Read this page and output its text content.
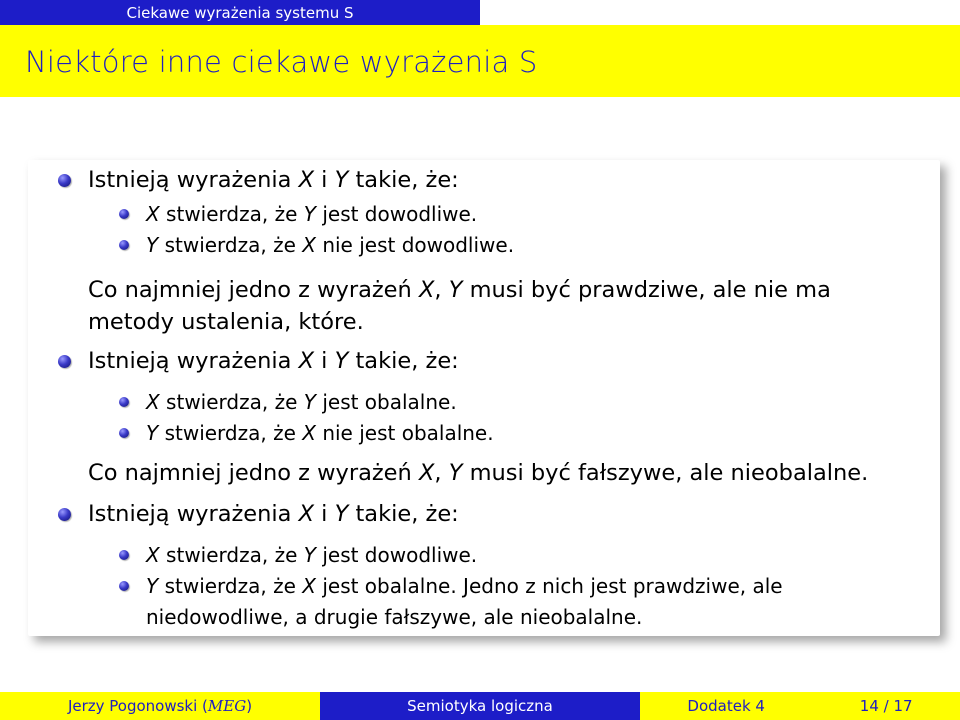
Ciekawe wyrażenia systemu S
Niektóre inne ciekawe wyrażenia S
Istnieją wyrażenia X i Y takie, że:
X stwierdza, że Y jest dowodliwe.
Y stwierdza, że X nie jest dowodliwe.
Co najmniej jedno z wyrażeń X, Y musi być prawdziwe, ale nie ma
metody ustalenia, które.
Istnieją wyrażenia X i Y takie, że:
X stwierdza, że Y jest obalalne.
Y stwierdza, że X nie jest obalalne.
Co najmniej jedno z wyrażeń X, Y musi być fałszywe, ale nieobalalne.
Istnieją wyrażenia X i Y takie, że:
X stwierdza, że Y jest dowodliwe.
Y stwierdza, że X jest obalalne. Jedno z nich jest prawdziwe, ale
niedowodliwe, a drugie fałszywe, ale nieobalalne.
Jerzy Pogonowski ( MEG )	Semiotyka logiczna	Dodatek 4	14 / 17
